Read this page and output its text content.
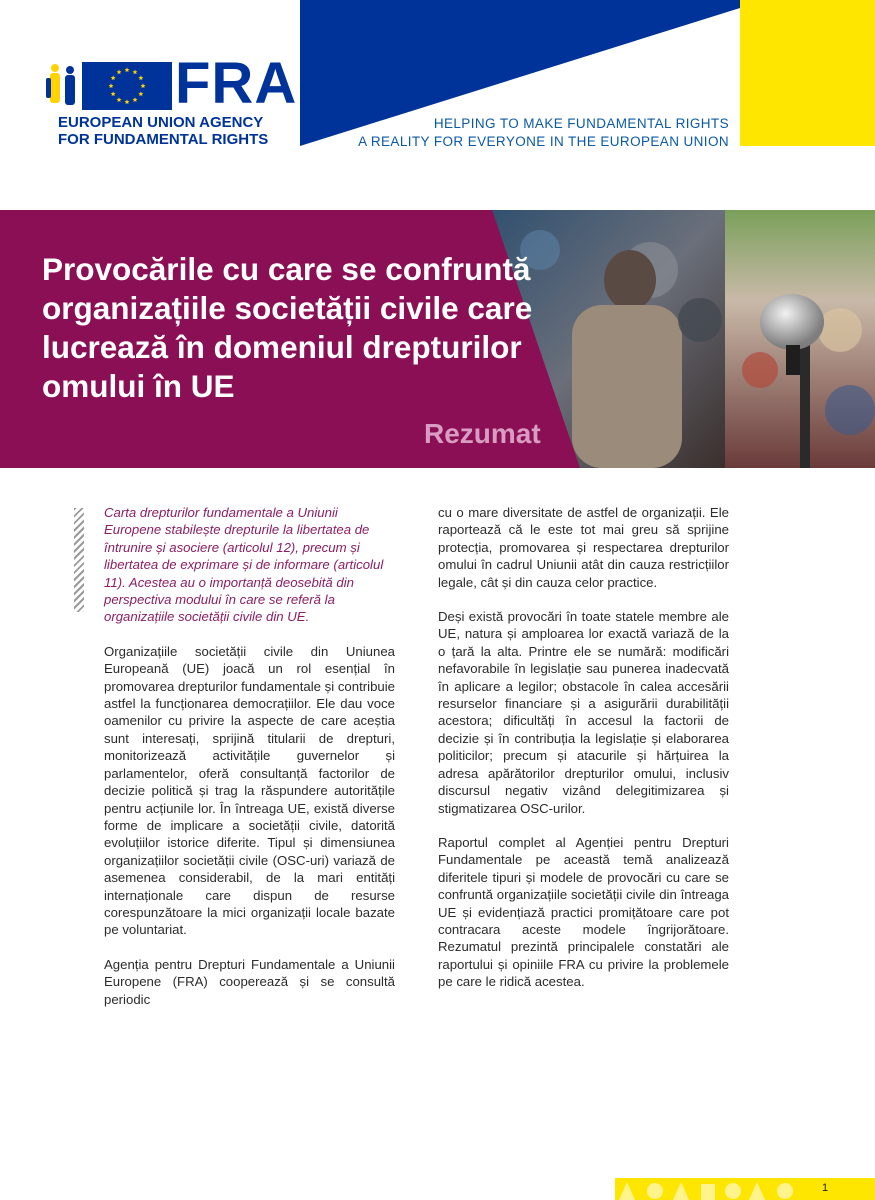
FRA
EUROPEAN UNION AGENCY
FOR FUNDAMENTAL RIGHTS
HELPING TO MAKE FUNDAMENTAL RIGHTS
A REALITY FOR EVERYONE IN THE EUROPEAN UNION
Provocările cu care se confruntă organizațiile societății civile care lucrează în domeniul drepturilor omului în UE
Rezumat

Carta drepturilor fundamentale a Uniunii Europene stabilește drepturile la libertatea de întrunire și asociere (articolul 12), precum și libertatea de exprimare și de informare (articolul 11). Acestea au o importanță deosebită din perspectiva modului în care se referă la organizațiile societății civile din UE.

Organizațiile societății civile din Uniunea Europeană (UE) joacă un rol esențial în promovarea drepturilor fundamentale și contribuie astfel la funcționarea democrațiilor. Ele dau voce oamenilor cu privire la aspecte de care aceștia sunt interesați, sprijină titularii de drepturi, monitorizează activitățile guvernelor și parlamentelor, oferă consultanță factorilor de decizie politică și trag la răspundere autoritățile pentru acțiunile lor. În întreaga UE, există diverse forme de implicare a societății civile, datorită evoluțiilor istorice diferite. Tipul și dimensiunea organizațiilor societății civile (OSC-uri) variază de asemenea considerabil, de la mari entități internaționale care dispun de resurse corespunzătoare la mici organizații locale bazate pe voluntariat.

Agenția pentru Drepturi Fundamentale a Uniunii Europene (FRA) cooperează și se consultă periodic

cu o mare diversitate de astfel de organizații. Ele raportează că le este tot mai greu să sprijine protecția, promovarea și respectarea drepturilor omului în cadrul Uniunii atât din cauza restricțiilor legale, cât și din cauza celor practice.

Deși există provocări în toate statele membre ale UE, natura și amploarea lor exactă variază de la o țară la alta. Printre ele se numără: modificări nefavorabile în legislație sau punerea inadecvată în aplicare a legilor; obstacole în calea accesării resurselor financiare și a asigurării durabilității acestora; dificultăți în accesul la factorii de decizie și în contribuția la legislație și elaborarea politicilor; precum și atacurile și hărțuirea la adresa apărătorilor drepturilor omului, inclusiv discursul negativ vizând delegitimizarea și stigmatizarea OSC-urilor.

Raportul complet al Agenției pentru Drepturi Fundamentale pe această temă analizează diferitele tipuri și modele de provocări cu care se confruntă organizațiile societății civile din întreaga UE și evidențiază practici promițătoare care pot contracara aceste modele îngrijorătoare. Rezumatul prezintă principalele constatări ale raportului și opiniile FRA cu privire la problemele pe care le ridică acestea.

1
